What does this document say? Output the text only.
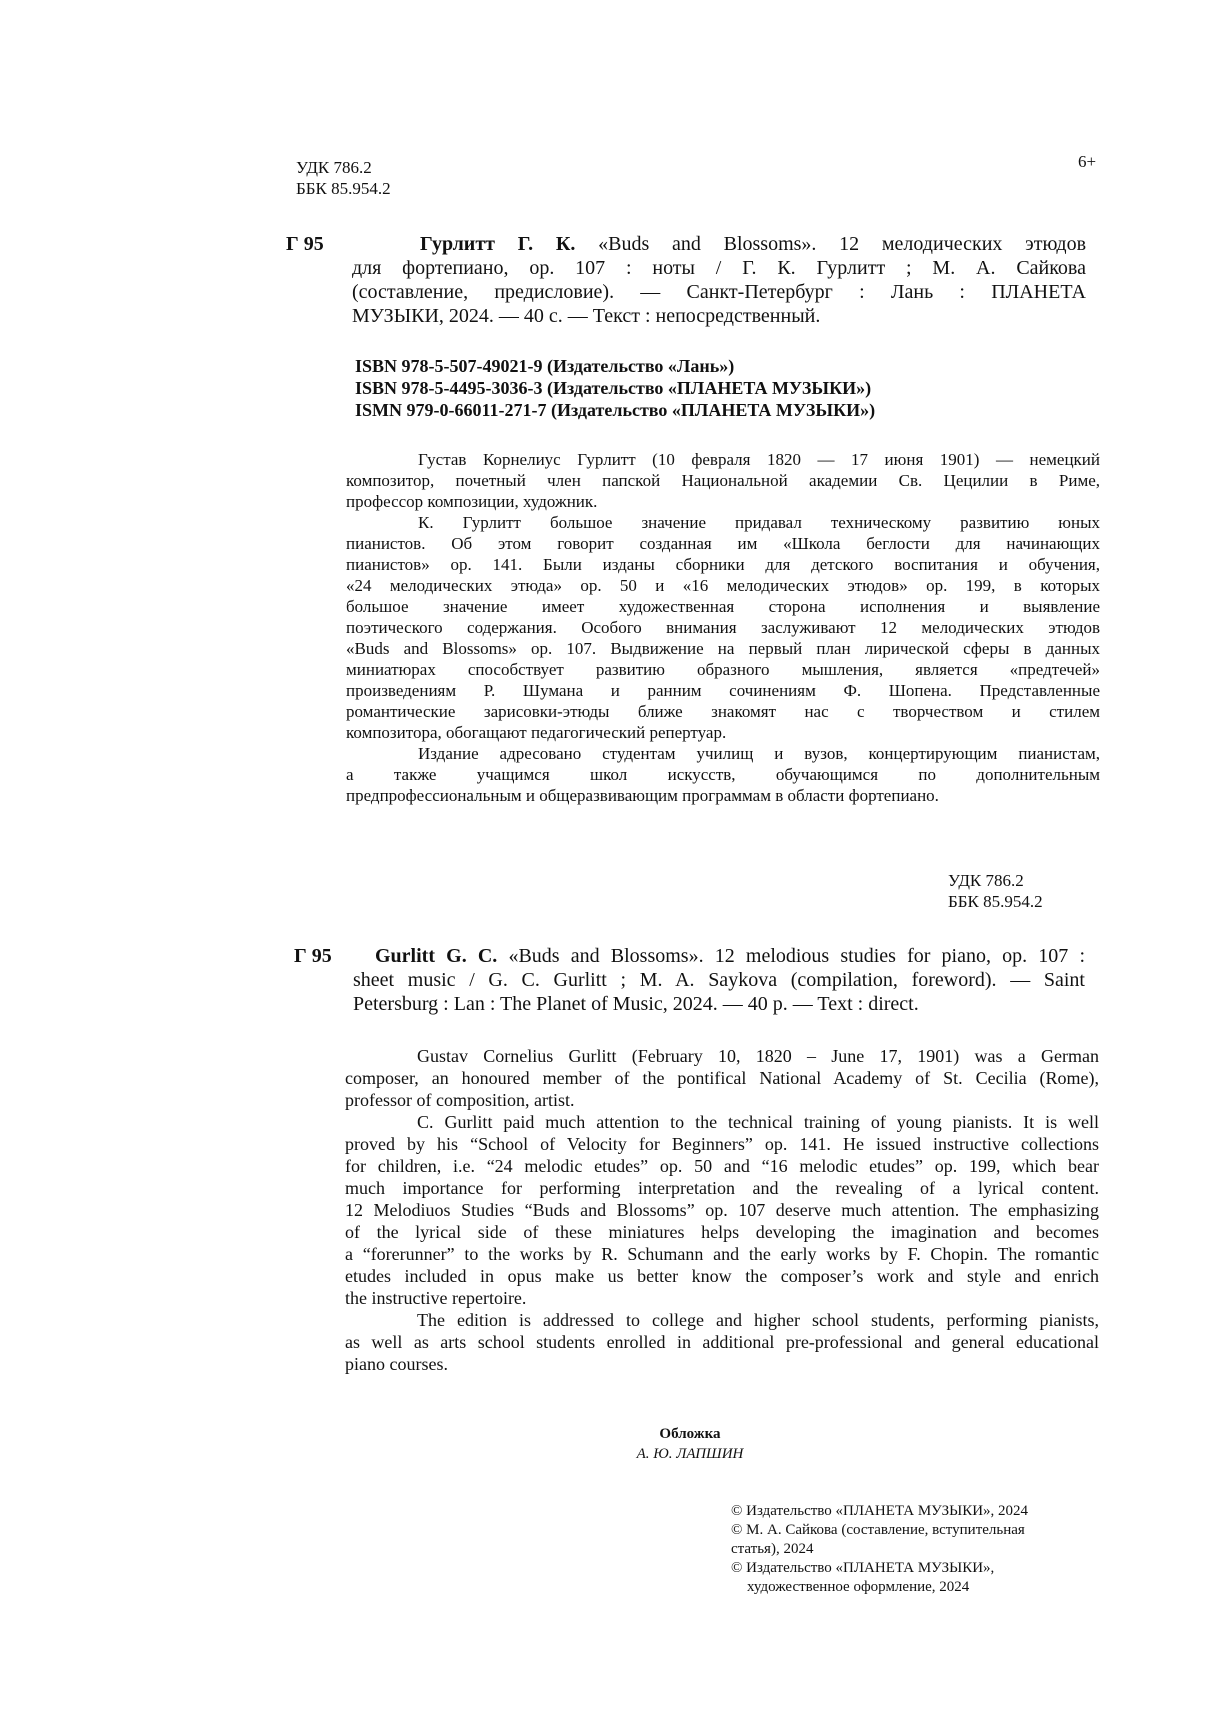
УДК 786.2
ББК 85.954.2
6+
Г 95	Гурлитт Г. К. «Buds and Blossoms». 12 мелодических этюдов
для фортепиано, ор. 107 : ноты / Г. К. Гурлитт ; М. А. Сайкова
(составление, предисловие). — Санкт-Петербург : Лань : ПЛАНЕТА
МУЗЫКИ, 2024. — 40 с. — Текст : непосредственный.
ISBN 978-5-507-49021-9 (Издательство «Лань»)
ISBN 978-5-4495-3036-3 (Издательство «ПЛАНЕТА МУЗЫКИ»)
ISMN 979-0-66011-271-7 (Издательство «ПЛАНЕТА МУЗЫКИ»)
Густав Корнелиус Гурлитт (10 февраля 1820 — 17 июня 1901) — немецкий
композитор, почетный член папской Национальной академии Св. Цецилии в Риме,
профессор композиции, художник.
К. Гурлитт большое значение придавал техническому развитию юных
пианистов. Об этом говорит созданная им «Школа беглости для начинающих
пианистов» ор. 141. Были изданы сборники для детского воспитания и обучения,
«24 мелодических этюда» ор. 50 и «16 мелодических этюдов» ор. 199, в которых
большое значение имеет художественная сторона исполнения и выявление
поэтического содержания. Особого внимания заслуживают 12 мелодических этюдов
«Buds and Blossoms» ор. 107. Выдвижение на первый план лирической сферы в данных
миниатюрах способствует развитию образного мышления, является «предтечей»
произведениям Р. Шумана и ранним сочинениям Ф. Шопена. Представленные
романтические зарисовки-этюды ближе знакомят нас с творчеством и стилем
композитора, обогащают педагогический репертуар.
Издание адресовано студентам училищ и вузов, концертирующим пианистам,
а также учащимся школ искусств, обучающимся по дополнительным
предпрофессиональным и общеразвивающим программам в области фортепиано.
УДК 786.2
ББК 85.954.2
Г 95	Gurlitt G. C. «Buds and Blossoms». 12 melodious studies for piano, op. 107 :
sheet music / G. C. Gurlitt ; M. A. Saykova (compilation, foreword). — Saint
Petersburg : Lan : The Planet of Music, 2024. — 40 p. — Text : direct.
Gustav Cornelius Gurlitt (February 10, 1820 – June 17, 1901) was a German
composer, an honoured member of the pontifical National Academy of St. Cecilia (Rome),
professor of composition, artist.
C. Gurlitt paid much attention to the technical training of young pianists. It is well
proved by his “School of Velocity for Beginners” op. 141. He issued instructive collections
for children, i.e. “24 melodic etudes” op. 50 and “16 melodic etudes” op. 199, which bear
much importance for performing interpretation and the revealing of a lyrical content.
12 Melodiuos Studies “Buds and Blossoms” op. 107 deserve much attention. The emphasizing
of the lyrical side of these miniatures helps developing the imagination and becomes
a “forerunner” to the works by R. Schumann and the early works by F. Chopin. The romantic
etudes included in opus make us better know the composer’s work and style and enrich
the instructive repertoire.
The edition is addressed to college and higher school students, performing pianists,
as well as arts school students enrolled in additional pre-professional and general educational
piano courses.
Обложка
А. Ю. ЛАПШИН
© Издательство «ПЛАНЕТА МУЗЫКИ», 2024
© М. А. Сайкова (составление, вступительная
статья), 2024
© Издательство «ПЛАНЕТА МУЗЫКИ»,
художественное оформление, 2024
